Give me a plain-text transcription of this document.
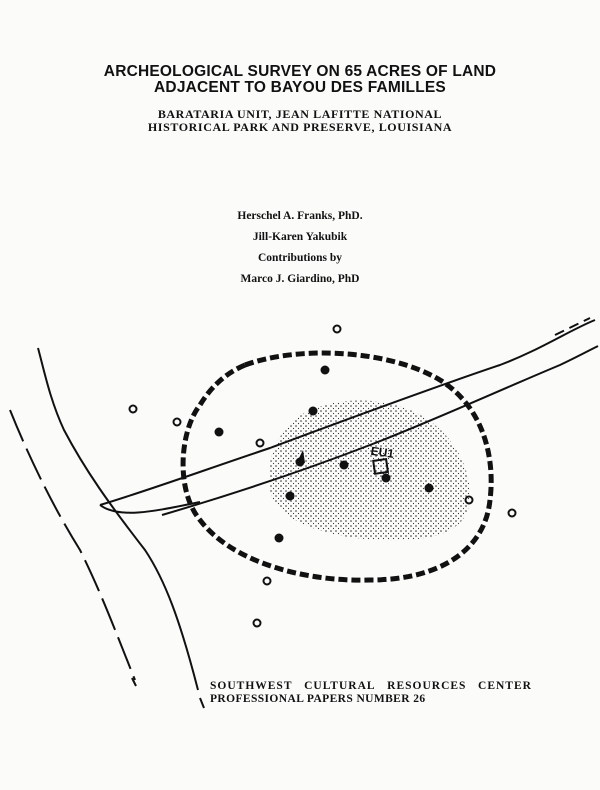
ARCHEOLOGICAL SURVEY ON 65 ACRES OF LAND
ADJACENT TO BAYOU DES FAMILLES
BARATARIA UNIT, JEAN LAFITTE NATIONAL
HISTORICAL PARK AND PRESERVE, LOUISIANA
Herschel A. Franks, PhD.
Jill-Karen Yakubik
Contributions by
Marco J. Giardino, PhD
EU1
SOUTHWEST CULTURAL RESOURCES CENTER
PROFESSIONAL PAPERS NUMBER 26
